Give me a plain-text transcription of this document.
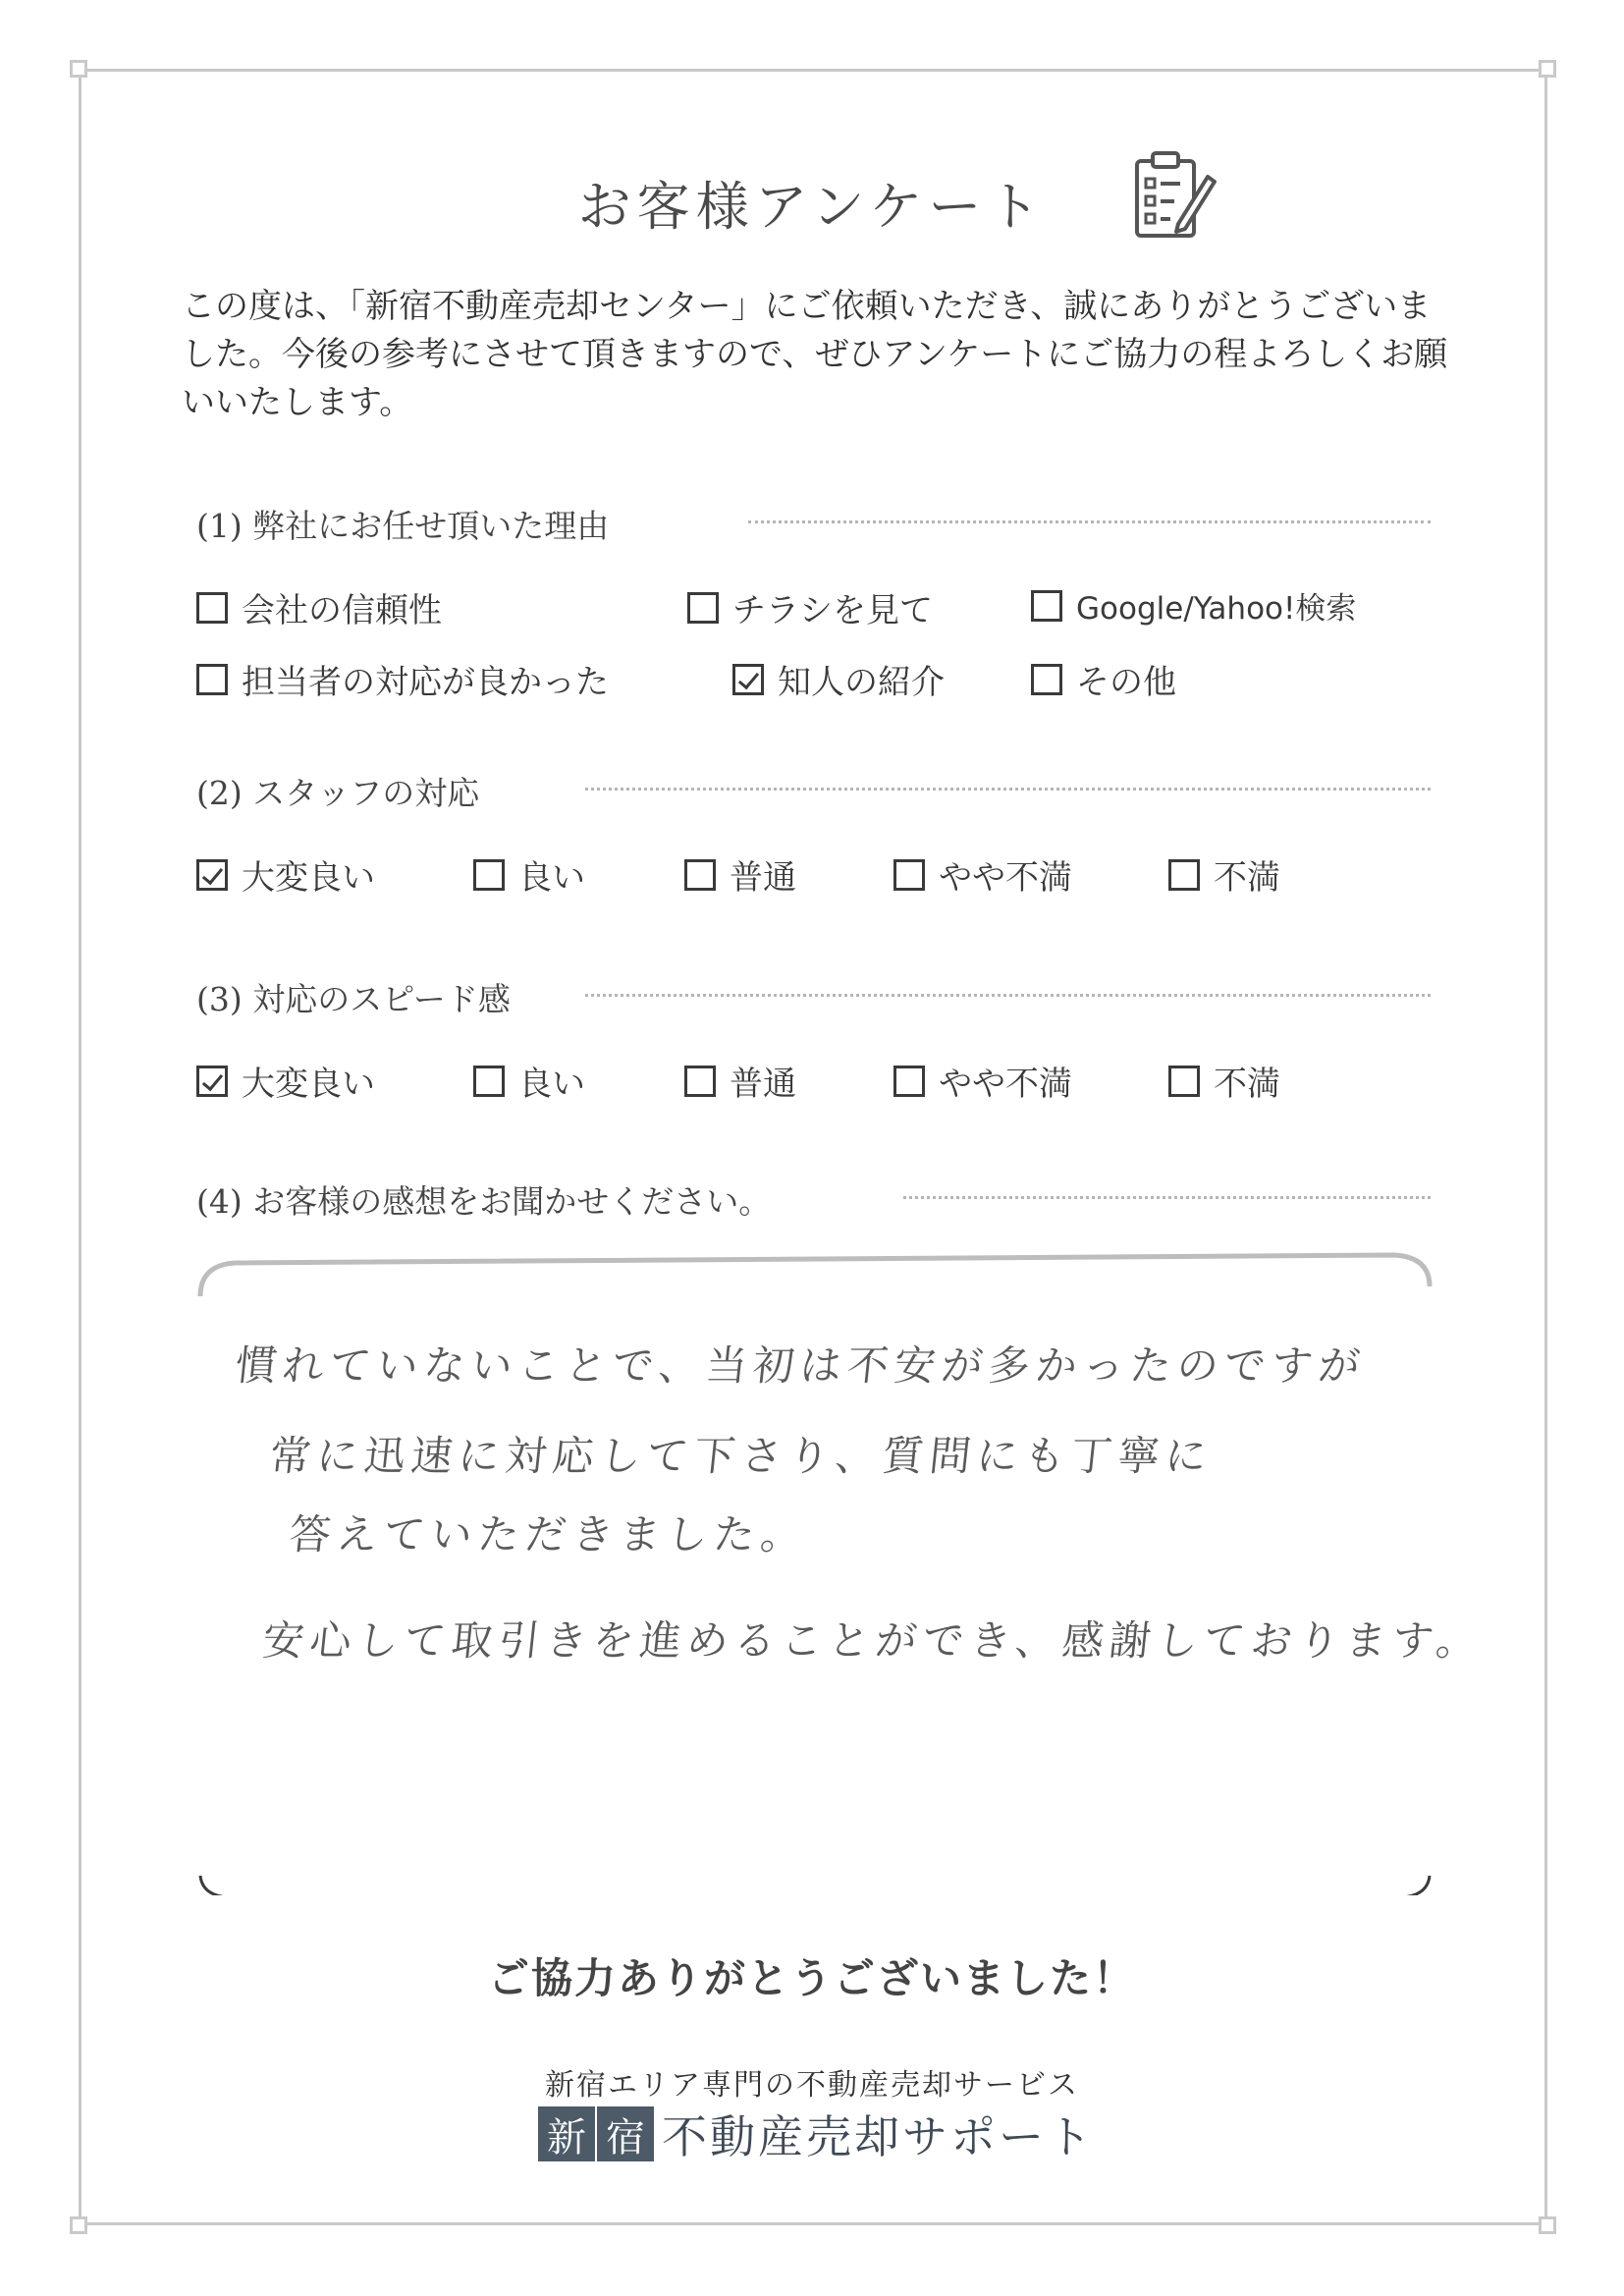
お客様アンケート
この度は、「新宿不動産売却センター」にご依頼いただき、誠にありがとうございました。今後の参考にさせて頂きますので、ぜひアンケートにご協力の程よろしくお願いいたします。
(1) 弊社にお任せ頂いた理由
会社の信頼性	チラシを見て	Google/Yahoo!検索
担当者の対応が良かった	知人の紹介	その他
(2) スタッフの対応
大変良い	良い	普通	やや不満	不満
(3) 対応のスピード感
大変良い	良い	普通	やや不満	不満
(4) お客様の感想をお聞かせください。
慣れていないことで、当初は不安が多かったのですが
常に迅速に対応して下さり、質問にも丁寧に
答えていただきました。
安心して取引きを進めることができ、感謝しております。
ご協力ありがとうございました！
新宿エリア専門の不動産売却サービス
新 宿 不動産売却サポート
